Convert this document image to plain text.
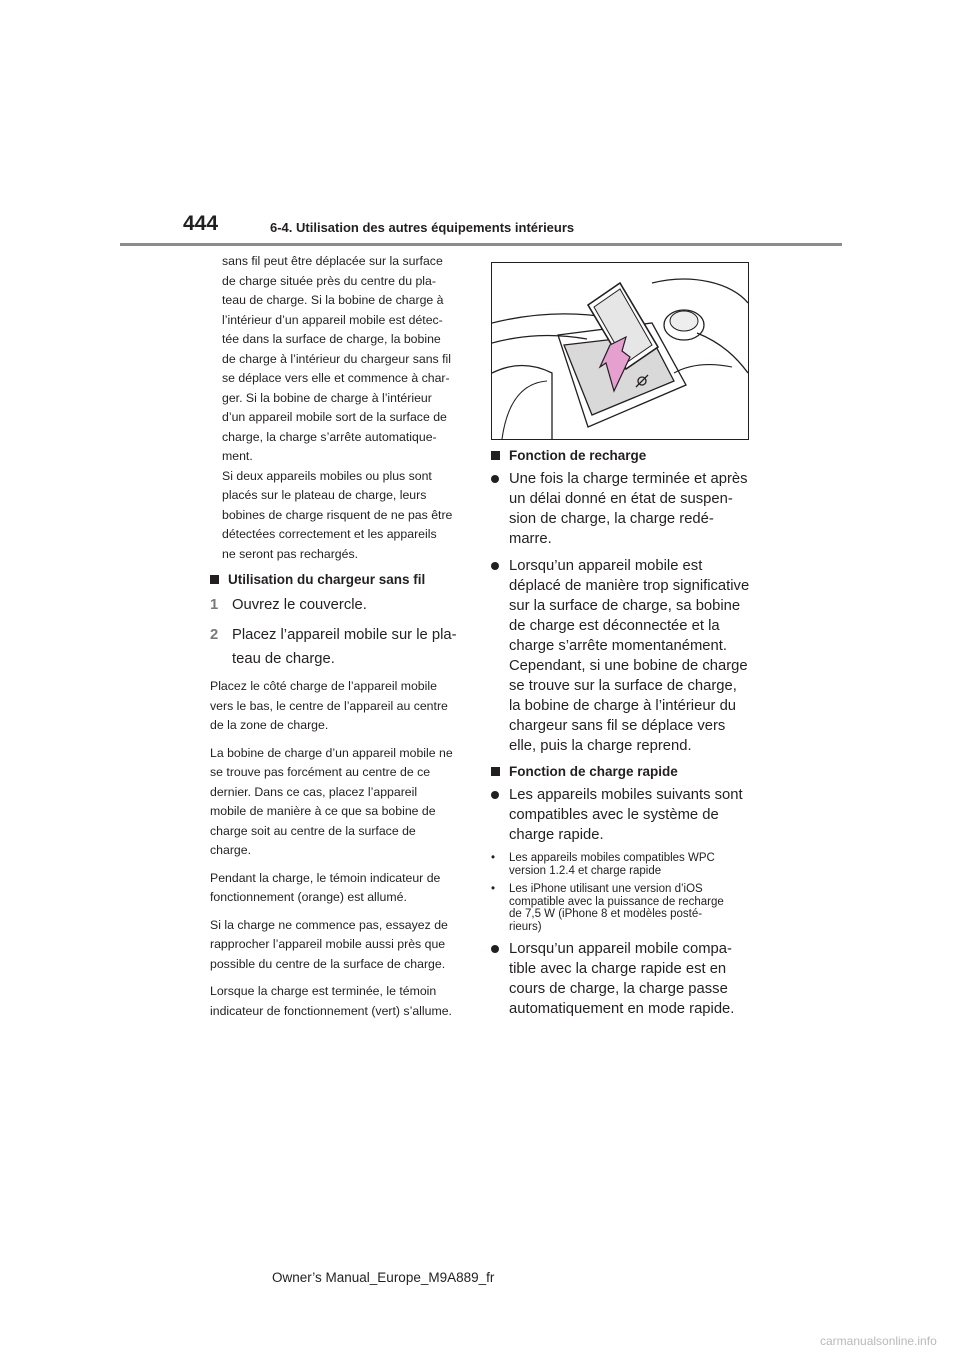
444	6-4. Utilisation des autres équipements intérieurs

sans fil peut être déplacée sur la surface

de charge située près du centre du pla-

teau de charge. Si la bobine de charge à

l’intérieur d’un appareil mobile est détec-

tée dans la surface de charge, la bobine

de charge à l’intérieur du chargeur sans fil

se déplace vers elle et commence à char-

ger. Si la bobine de charge à l’intérieur

d’un appareil mobile sort de la surface de

charge, la charge s’arrête automatique-

ment.

Si deux appareils mobiles ou plus sont

placés sur le plateau de charge, leurs

bobines de charge risquent de ne pas être

détectées correctement et les appareils

ne seront pas rechargés.

Utilisation du chargeur sans fil
1 Ouvrez le couvercle.
2 Placez l’appareil mobile sur le pla-
teau de charge.

Placez le côté charge de l’appareil mobile

vers le bas, le centre de l’appareil au centre

de la zone de charge.

La bobine de charge d’un appareil mobile ne

se trouve pas forcément au centre de ce

dernier. Dans ce cas, placez l’appareil

mobile de manière à ce que sa bobine de

charge soit au centre de la surface de

charge.

Pendant la charge, le témoin indicateur de

fonctionnement (orange) est allumé.

Si la charge ne commence pas, essayez de

rapprocher l’appareil mobile aussi près que

possible du centre de la surface de charge.

Lorsque la charge est terminée, le témoin

indicateur de fonctionnement (vert) s’allume.

Fonction de recharge
Une fois la charge terminée et après
un délai donné en état de suspen-
sion de charge, la charge redé-
marre.
Lorsqu’un appareil mobile est
déplacé de manière trop significative
sur la surface de charge, sa bobine
de charge est déconnectée et la
charge s’arrête momentanément.
Cependant, si une bobine de charge
se trouve sur la surface de charge,
la bobine de charge à l’intérieur du
chargeur sans fil se déplace vers
elle, puis la charge reprend.
Fonction de charge rapide
Les appareils mobiles suivants sont
compatibles avec le système de
charge rapide.
•	Les appareils mobiles compatibles WPC
version 1.2.4 et charge rapide
•	Les iPhone utilisant une version d’iOS
compatible avec la puissance de recharge
de 7,5 W (iPhone 8 et modèles posté-
rieurs)
Lorsqu’un appareil mobile compa-
tible avec la charge rapide est en
cours de charge, la charge passe
automatiquement en mode rapide.
Owner’s Manual_Europe_M9A889_fr
carmanualsonline.info
